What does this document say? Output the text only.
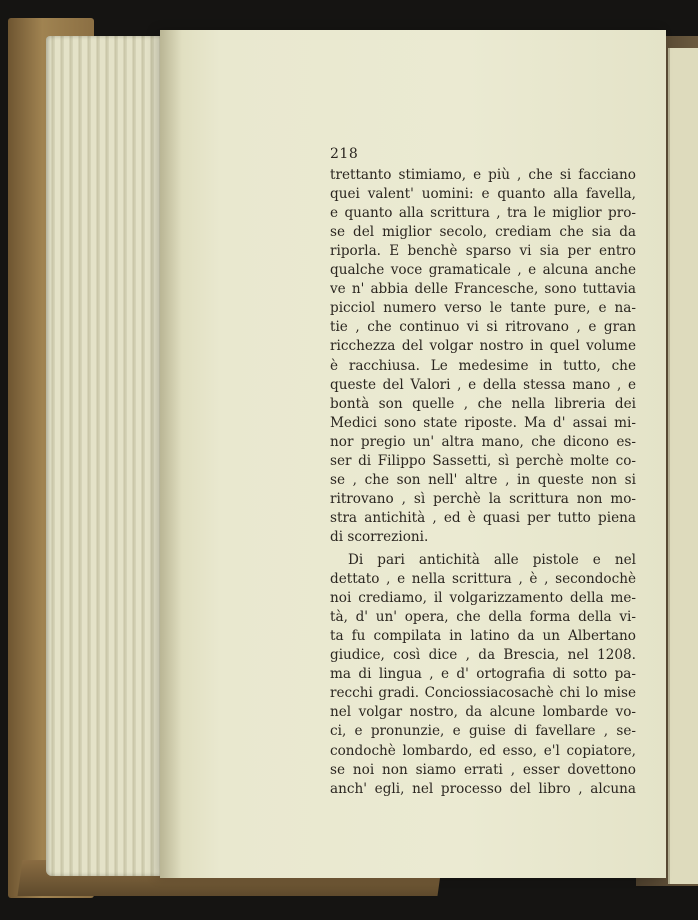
218
trettanto stimiamo, e più , che si facciano
quei valent' uomini: e quanto alla favella,
e quanto alla scrittura , tra le miglior pro-
se del miglior secolo, crediam che sia da
riporla. E benchè sparso vi sia per entro
qualche voce gramaticale , e alcuna anche
ve n' abbia delle Francesche, sono tuttavia
picciol numero verso le tante pure, e na-
tie , che continuo vi si ritrovano , e gran
ricchezza del volgar nostro in quel volume
è racchiusa. Le medesime in tutto, che
queste del Valori , e della stessa mano , e
bontà son quelle , che nella libreria dei
Medici sono state riposte. Ma d' assai mi-
nor pregio un' altra mano, che dicono es-
ser di Filippo Sassetti, sì perchè molte co-
se , che son nell' altre , in queste non si
ritrovano , sì perchè la scrittura non mo-
stra antichità , ed è quasi per tutto piena
di scorrezioni.
Di pari antichità alle pistole e nel
dettato , e nella scrittura , è , secondochè
noi crediamo, il volgarizzamento della me-
tà, d' un' opera, che della forma della vi-
ta fu compilata in latino da un Albertano
giudice, così dice , da Brescia, nel 1208.
ma di lingua , e d' ortografia di sotto pa-
recchi gradi. Conciossiacosachè chi lo mise
nel volgar nostro, da alcune lombarde vo-
ci, e pronunzie, e guise di favellare , se-
condochè lombardo, ed esso, e'l copiatore,
se noi non siamo errati , esser dovettono
anch' egli, nel processo del libro , alcuna
